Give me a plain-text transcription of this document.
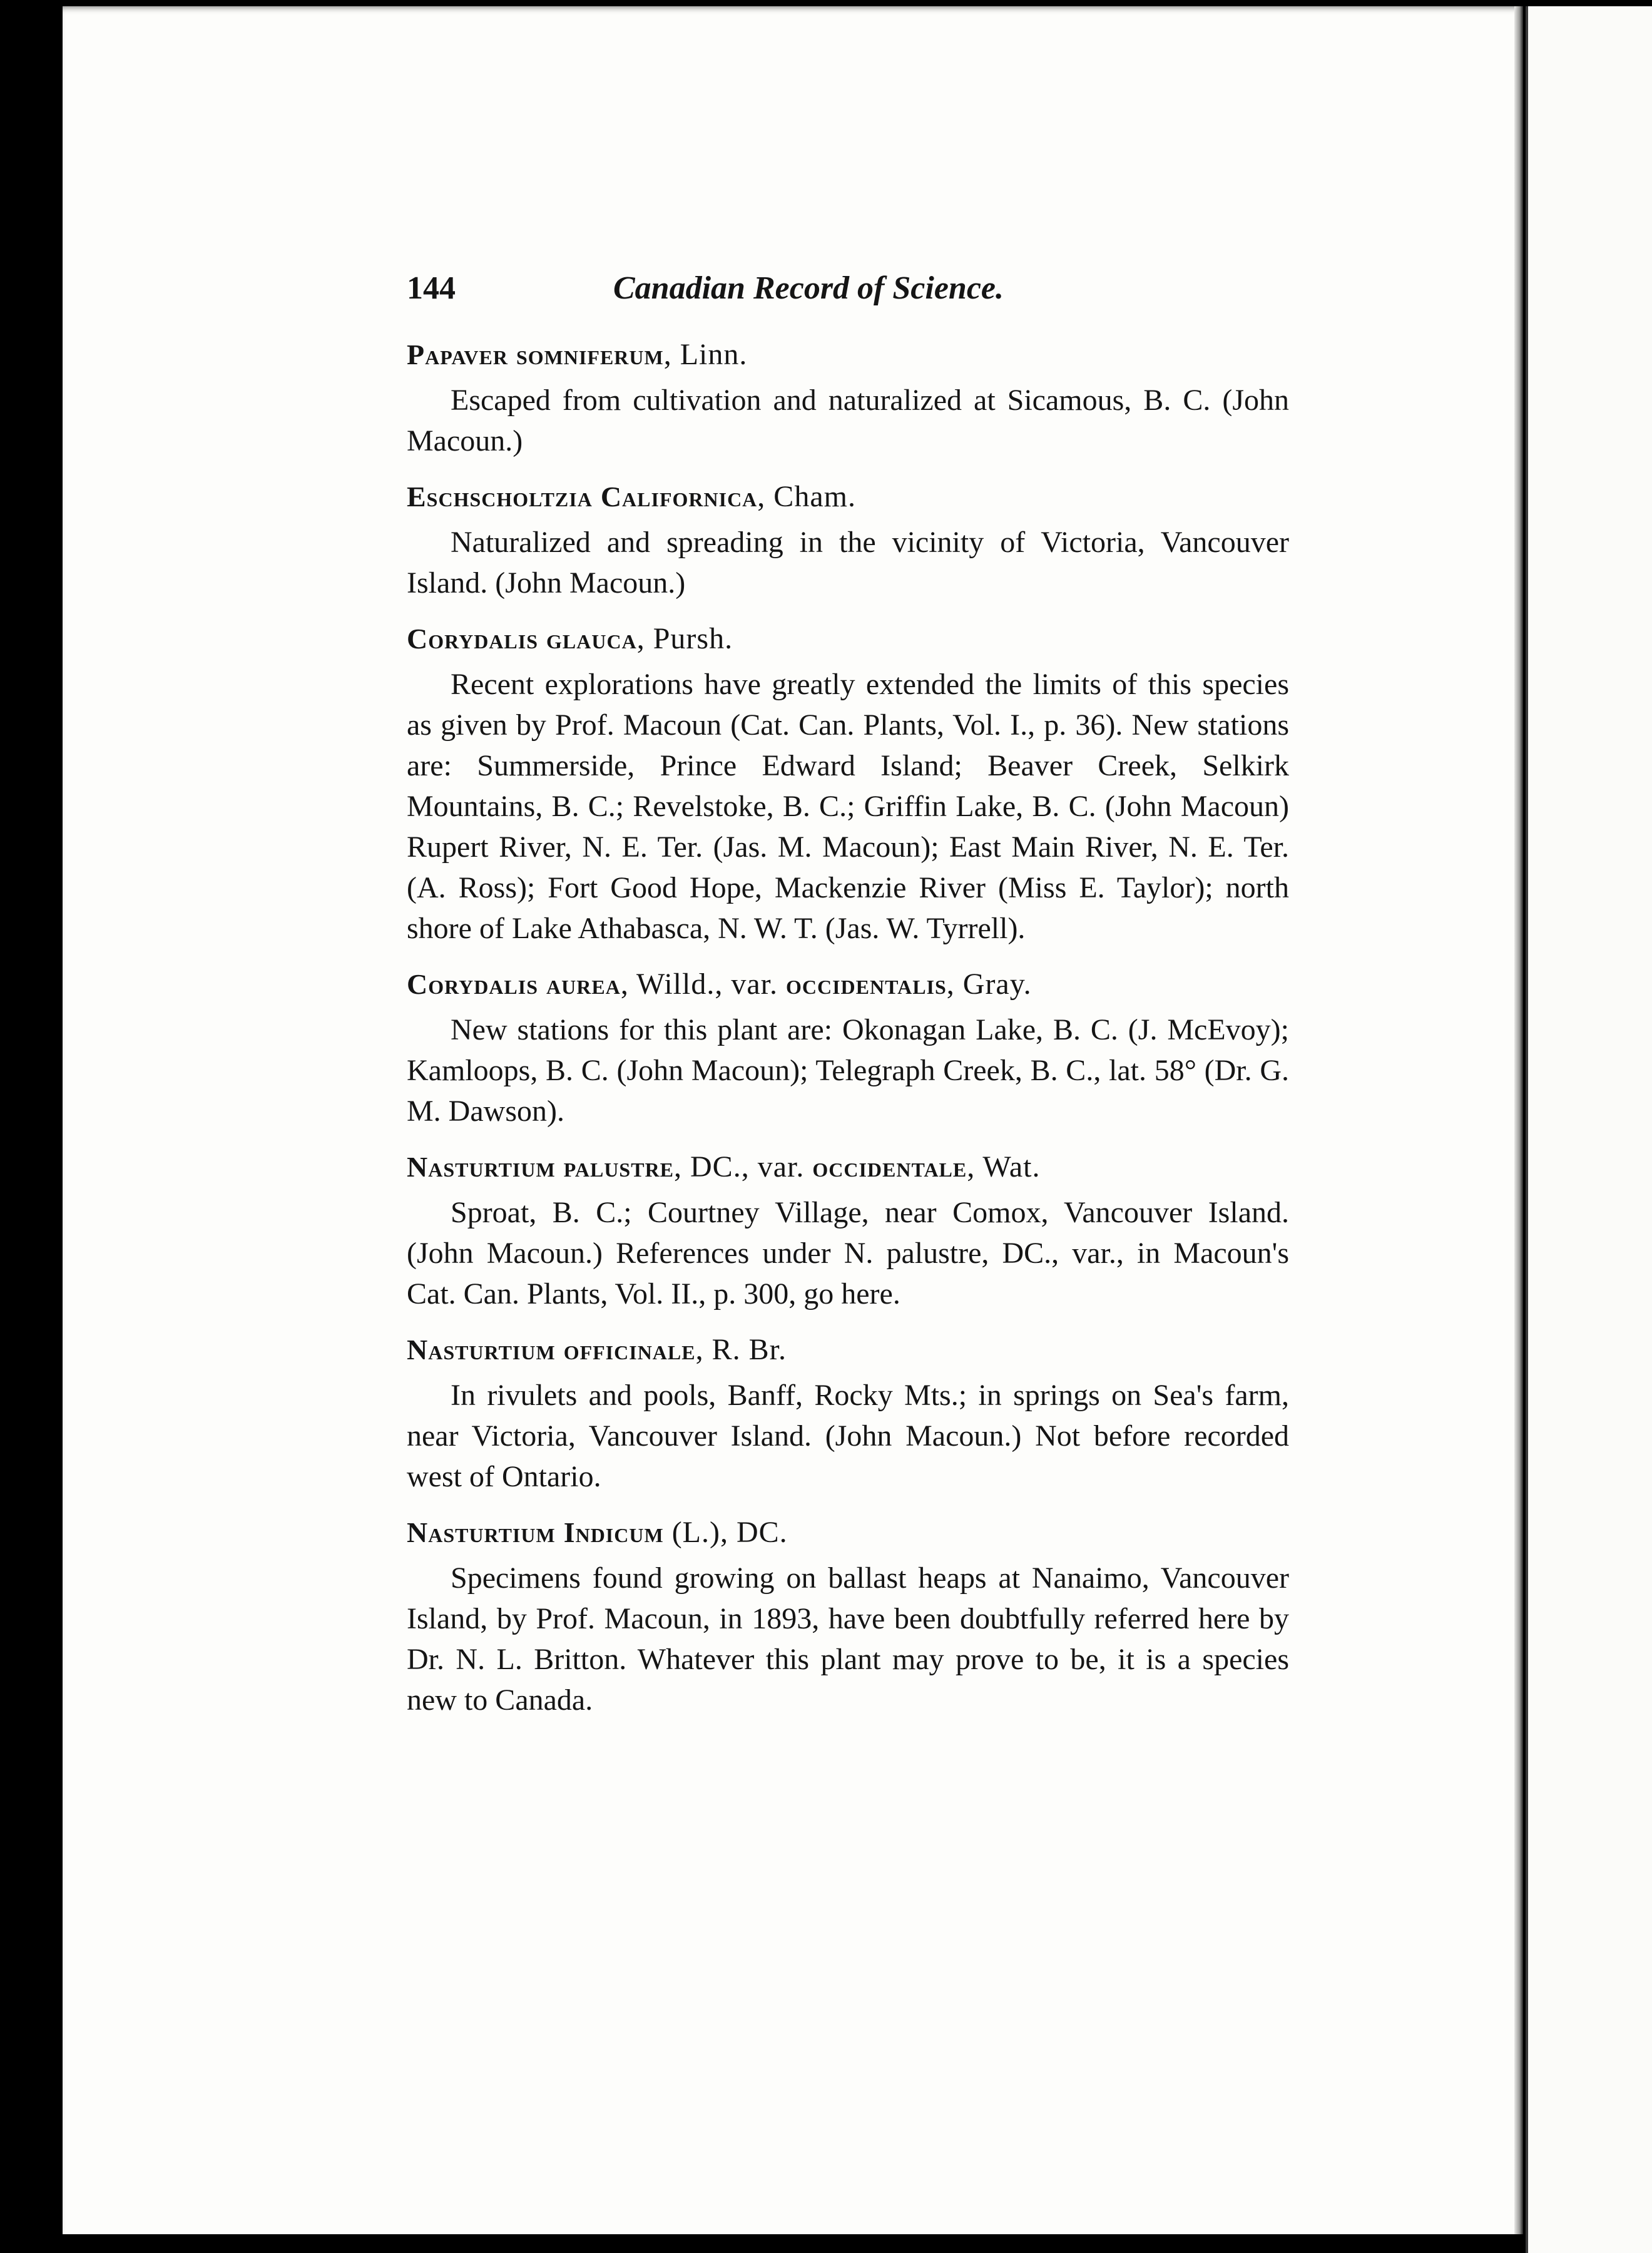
144	Canadian Record of Science.

Papaver somniferum, Linn.

Escaped from cultivation and naturalized at Sicamous, B. C. (John Macoun.)

Eschscholtzia Californica, Cham.

Naturalized and spreading in the vicinity of Victoria, Vancouver Island. (John Macoun.)

Corydalis glauca, Pursh.

Recent explorations have greatly extended the limits of this species as given by Prof. Macoun (Cat. Can. Plants, Vol. I., p. 36). New stations are: Summerside, Prince Edward Island; Beaver Creek, Selkirk Mountains, B. C.; Revelstoke, B. C.; Griffin Lake, B. C. (John Macoun) Rupert River, N. E. Ter. (Jas. M. Macoun); East Main River, N. E. Ter. (A. Ross); Fort Good Hope, Mackenzie River (Miss E. Taylor); north shore of Lake Athabasca, N. W. T. (Jas. W. Tyrrell).

Corydalis aurea, Willd., var. occidentalis, Gray.

New stations for this plant are: Okonagan Lake, B. C. (J. McEvoy); Kamloops, B. C. (John Macoun); Telegraph Creek, B. C., lat. 58° (Dr. G. M. Dawson).

Nasturtium palustre, DC., var. occidentale, Wat.

Sproat, B. C.; Courtney Village, near Comox, Vancouver Island. (John Macoun.) References under N. palustre, DC., var., in Macoun's Cat. Can. Plants, Vol. II., p. 300, go here.

Nasturtium officinale, R. Br.

In rivulets and pools, Banff, Rocky Mts.; in springs on Sea's farm, near Victoria, Vancouver Island. (John Macoun.) Not before recorded west of Ontario.

Nasturtium Indicum (L.), DC.

Specimens found growing on ballast heaps at Nanaimo, Vancouver Island, by Prof. Macoun, in 1893, have been doubtfully referred here by Dr. N. L. Britton. Whatever this plant may prove to be, it is a species new to Canada.
